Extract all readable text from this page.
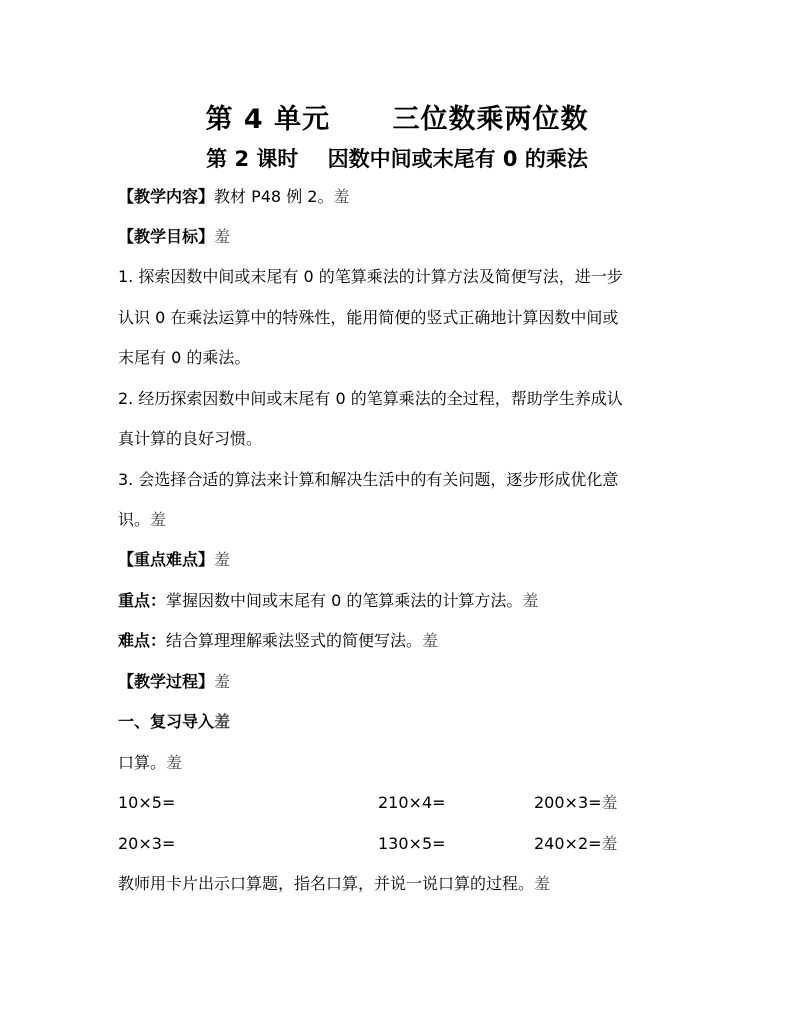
第 4 单元      三位数乘两位数
第 2 课时    因数中间或末尾有 0 的乘法
【教学内容】教材 P48 例 2。羞
【教学目标】羞
1. 探索因数中间或末尾有 0 的笔算乘法的计算方法及简便写法，进一步
认识 0 在乘法运算中的特殊性，能用简便的竖式正确地计算因数中间或
末尾有 0 的乘法。
2. 经历探索因数中间或末尾有 0 的笔算乘法的全过程，帮助学生养成认
真计算的良好习惯。
3. 会选择合适的算法来计算和解决生活中的有关问题，逐步形成优化意
识。羞
【重点难点】羞
重点：掌握因数中间或末尾有 0 的笔算乘法的计算方法。羞
难点：结合算理理解乘法竖式的简便写法。羞
【教学过程】羞
一、复习导入羞
口算。羞
10×5=	210×4=	200×3=羞
20×3=	130×5=	240×2=羞
教师用卡片出示口算题，指名口算，并说一说口算的过程。羞
